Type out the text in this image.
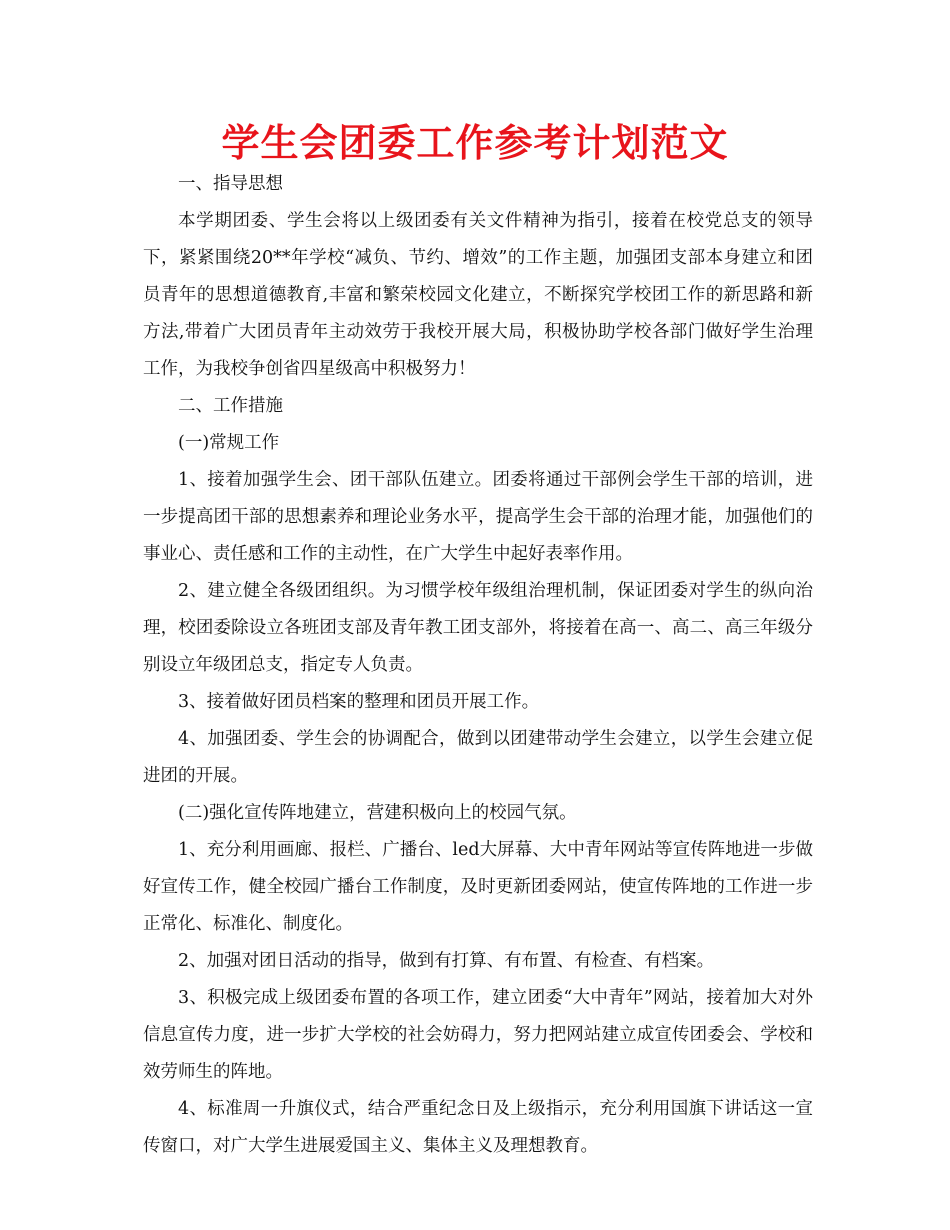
学生会团委工作参考计划范文

一、指导思想

本学期团委、学生会将以上级团委有关文件精神为指引，接着在校党总支的领导下，紧紧围绕20**年学校“减负、节约、增效”的工作主题，加强团支部本身建立和团员青年的思想道德教育,丰富和繁荣校园文化建立，不断探究学校团工作的新思路和新方法,带着广大团员青年主动效劳于我校开展大局，积极协助学校各部门做好学生治理工作，为我校争创省四星级高中积极努力！

二、工作措施

(一)常规工作

1、接着加强学生会、团干部队伍建立。团委将通过干部例会学生干部的培训，进一步提高团干部的思想素养和理论业务水平，提高学生会干部的治理才能，加强他们的事业心、责任感和工作的主动性，在广大学生中起好表率作用。

2、建立健全各级团组织。为习惯学校年级组治理机制，保证团委对学生的纵向治理，校团委除设立各班团支部及青年教工团支部外，将接着在高一、高二、高三年级分别设立年级团总支，指定专人负责。

3、接着做好团员档案的整理和团员开展工作。

4、加强团委、学生会的协调配合，做到以团建带动学生会建立，以学生会建立促进团的开展。

(二)强化宣传阵地建立，营建积极向上的校园气氛。

1、充分利用画廊、报栏、广播台、led大屏幕、大中青年网站等宣传阵地进一步做好宣传工作，健全校园广播台工作制度，及时更新团委网站，使宣传阵地的工作进一步正常化、标准化、制度化。

2、加强对团日活动的指导，做到有打算、有布置、有检查、有档案。

3、积极完成上级团委布置的各项工作，建立团委“大中青年”网站，接着加大对外信息宣传力度，进一步扩大学校的社会妨碍力，努力把网站建立成宣传团委会、学校和效劳师生的阵地。

4、标准周一升旗仪式，结合严重纪念日及上级指示，充分利用国旗下讲话这一宣传窗口，对广大学生进展爱国主义、集体主义及理想教育。
